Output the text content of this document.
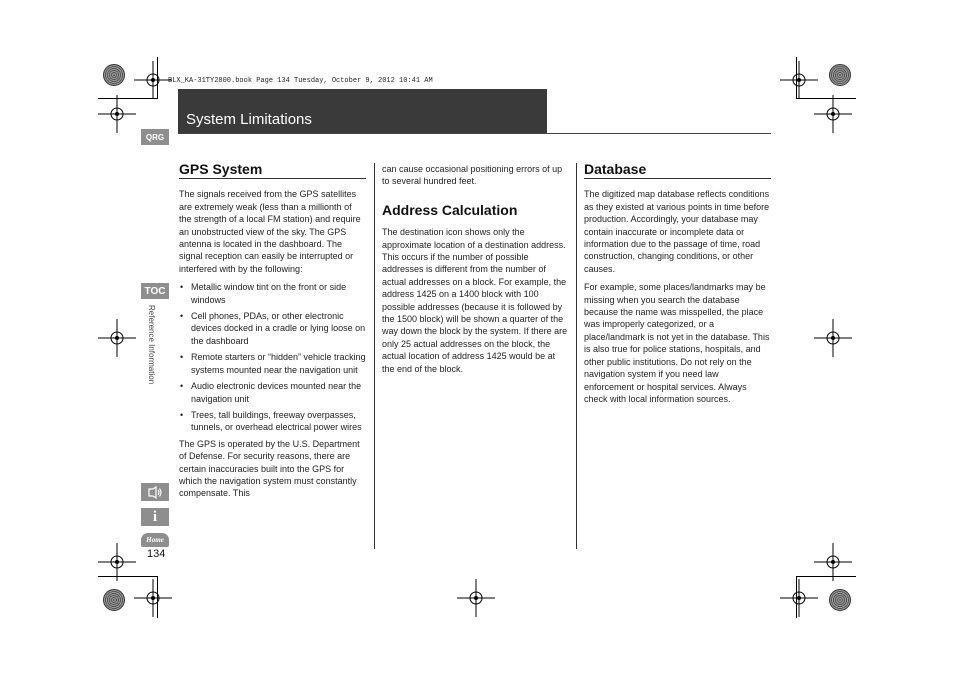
BLX_KA-31TY2800.book Page 134 Tuesday, October 9, 2012 10:41 AM
System Limitations
QRG
TOC
Reference Information
i
Home
134
GPS System

The signals received from the GPS satellites are extremely weak (less than a millionth of the strength of a local FM station) and require an unobstructed view of the sky. The GPS antenna is located in the dashboard. The signal reception can easily be interrupted or interfered with by the following:

• Metallic window tint on the front or side windows
• Cell phones, PDAs, or other electronic devices docked in a cradle or lying loose on the dashboard
• Remote starters or “hidden” vehicle tracking systems mounted near the navigation unit
• Audio electronic devices mounted near the navigation unit
• Trees, tall buildings, freeway overpasses, tunnels, or overhead electrical power wires

The GPS is operated by the U.S. Department of Defense. For security reasons, there are certain inaccuracies built into the GPS for which the navigation system must constantly compensate. This

can cause occasional positioning errors of up to several hundred feet.

Address Calculation

The destination icon shows only the approximate location of a destination address. This occurs if the number of possible addresses is different from the number of actual addresses on a block. For example, the address 1425 on a 1400 block with 100 possible addresses (because it is followed by the 1500 block) will be shown a quarter of the way down the block by the system. If there are only 25 actual addresses on the block, the actual location of address 1425 would be at the end of the block.

Database

The digitized map database reflects conditions as they existed at various points in time before production. Accordingly, your database may contain inaccurate or incomplete data or information due to the passage of time, road construction, changing conditions, or other causes.

For example, some places/landmarks may be missing when you search the database because the name was misspelled, the place was improperly categorized, or a place/landmark is not yet in the database. This is also true for police stations, hospitals, and other public institutions. Do not rely on the navigation system if you need law enforcement or hospital services. Always check with local information sources.
